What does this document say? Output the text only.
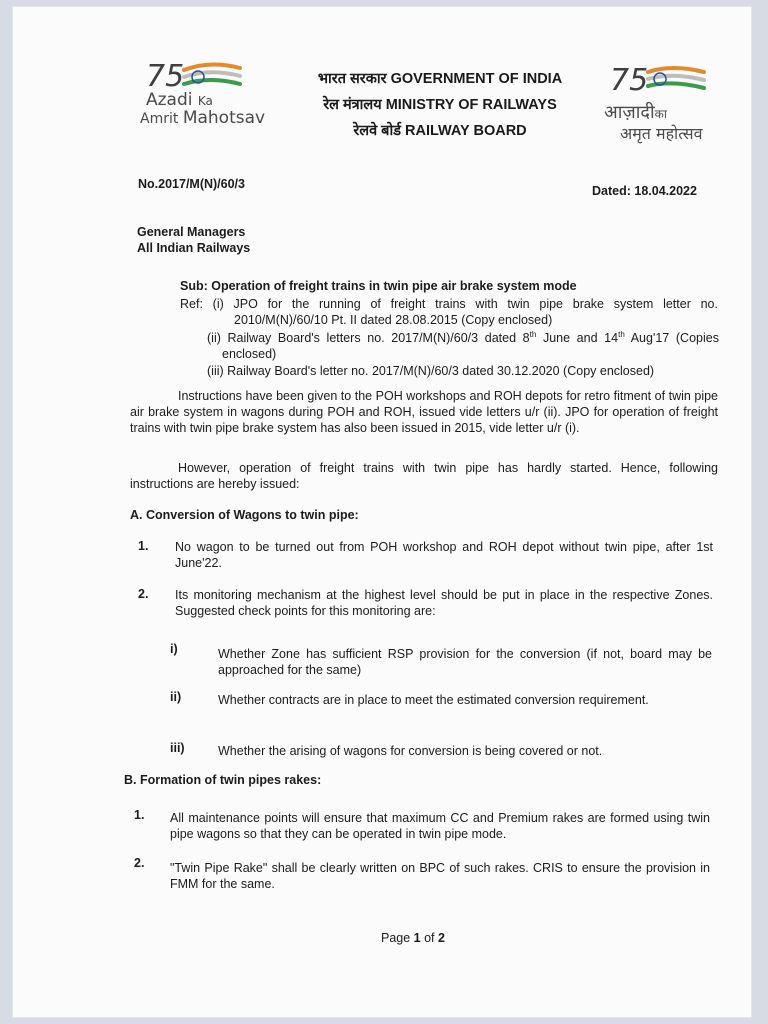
75
Azadi Ka
Amrit Mahotsav
भारत सरकार GOVERNMENT OF INDIA
रेल मंत्रालय MINISTRY OF RAILWAYS
रेलवे बोर्ड RAILWAY BOARD
75
आज़ादीका
अमृत महोत्सव
No.2017/M(N)/60/3	Dated: 18.04.2022
General Managers
All Indian Railways
Sub: Operation of freight trains in twin pipe air brake system mode
Ref: (i) JPO for the running of freight trains with twin pipe brake system letter no.
2010/M(N)/60/10 Pt. II dated 28.08.2015 (Copy enclosed)
(ii) Railway Board's letters no. 2017/M(N)/60/3 dated 8th June and 14th Aug'17 (Copies
enclosed)
(iii) Railway Board's letter no. 2017/M(N)/60/3 dated 30.12.2020 (Copy enclosed)
Instructions have been given to the POH workshops and ROH depots for retro fitment of twin pipe air brake system in wagons during POH and ROH, issued vide letters u/r (ii). JPO for operation of freight trains with twin pipe brake system has also been issued in 2015, vide letter u/r (i).
However, operation of freight trains with twin pipe has hardly started. Hence, following instructions are hereby issued:
A. Conversion of Wagons to twin pipe:
1. No wagon to be turned out from POH workshop and ROH depot without twin pipe, after 1st June'22.
2. Its monitoring mechanism at the highest level should be put in place in the respective Zones. Suggested check points for this monitoring are:
i)	Whether Zone has sufficient RSP provision for the conversion (if not, board may be approached for the same)
ii)	Whether contracts are in place to meet the estimated conversion requirement.
iii)	Whether the arising of wagons for conversion is being covered or not.
B. Formation of twin pipes rakes:
1. All maintenance points will ensure that maximum CC and Premium rakes are formed using twin pipe wagons so that they can be operated in twin pipe mode.
2. "Twin Pipe Rake" shall be clearly written on BPC of such rakes. CRIS to ensure the provision in FMM for the same.
Page 1 of 2
